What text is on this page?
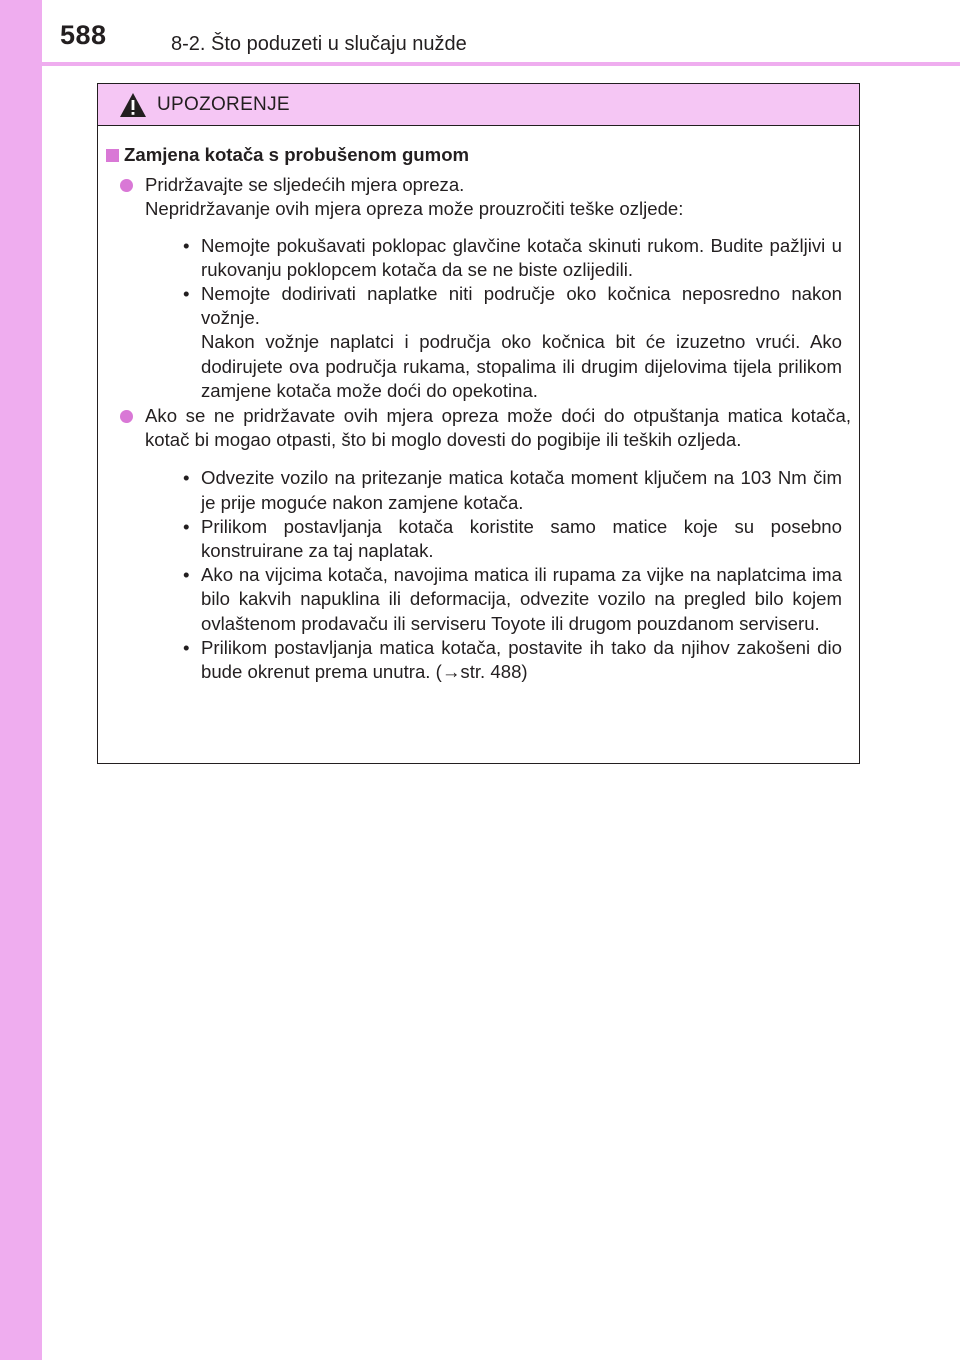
588	8-2. Što poduzeti u slučaju nužde
UPOZORENJE
Zamjena kotača s probušenom gumom

Pridržavajte se sljedećih mjera opreza.

Nepridržavanje ovih mjera opreza može prouzročiti teške ozljede:

• Nemojte pokušavati poklopac glavčine kotača skinuti rukom. Budite pažljivi u rukovanju poklopcem kotača da se ne biste ozlijedili.

• Nemojte dodirivati naplatke niti područje oko kočnica neposredno nakon vožnje.

Nakon vožnje naplatci i područja oko kočnica bit će izuzetno vrući. Ako dodirujete ova područja rukama, stopalima ili drugim dijelovima tijela prilikom zamjene kotača može doći do opekotina.

Ako se ne pridržavate ovih mjera opreza može doći do otpuštanja matica kotača, kotač bi mogao otpasti, što bi moglo dovesti do pogibije ili teških ozljeda.

• Odvezite vozilo na pritezanje matica kotača moment ključem na 103 Nm čim je prije moguće nakon zamjene kotača.

• Prilikom postavljanja kotača koristite samo matice koje su posebno konstruirane za taj naplatak.

• Ako na vijcima kotača, navojima matica ili rupama za vijke na naplatcima ima bilo kakvih napuklina ili deformacija, odvezite vozilo na pregled bilo kojem ovlaštenom prodavaču ili serviseru Toyote ili drugom pouzdanom serviseru.

• Prilikom postavljanja matica kotača, postavite ih tako da njihov zakošeni dio bude okrenut prema unutra. (→str. 488)
